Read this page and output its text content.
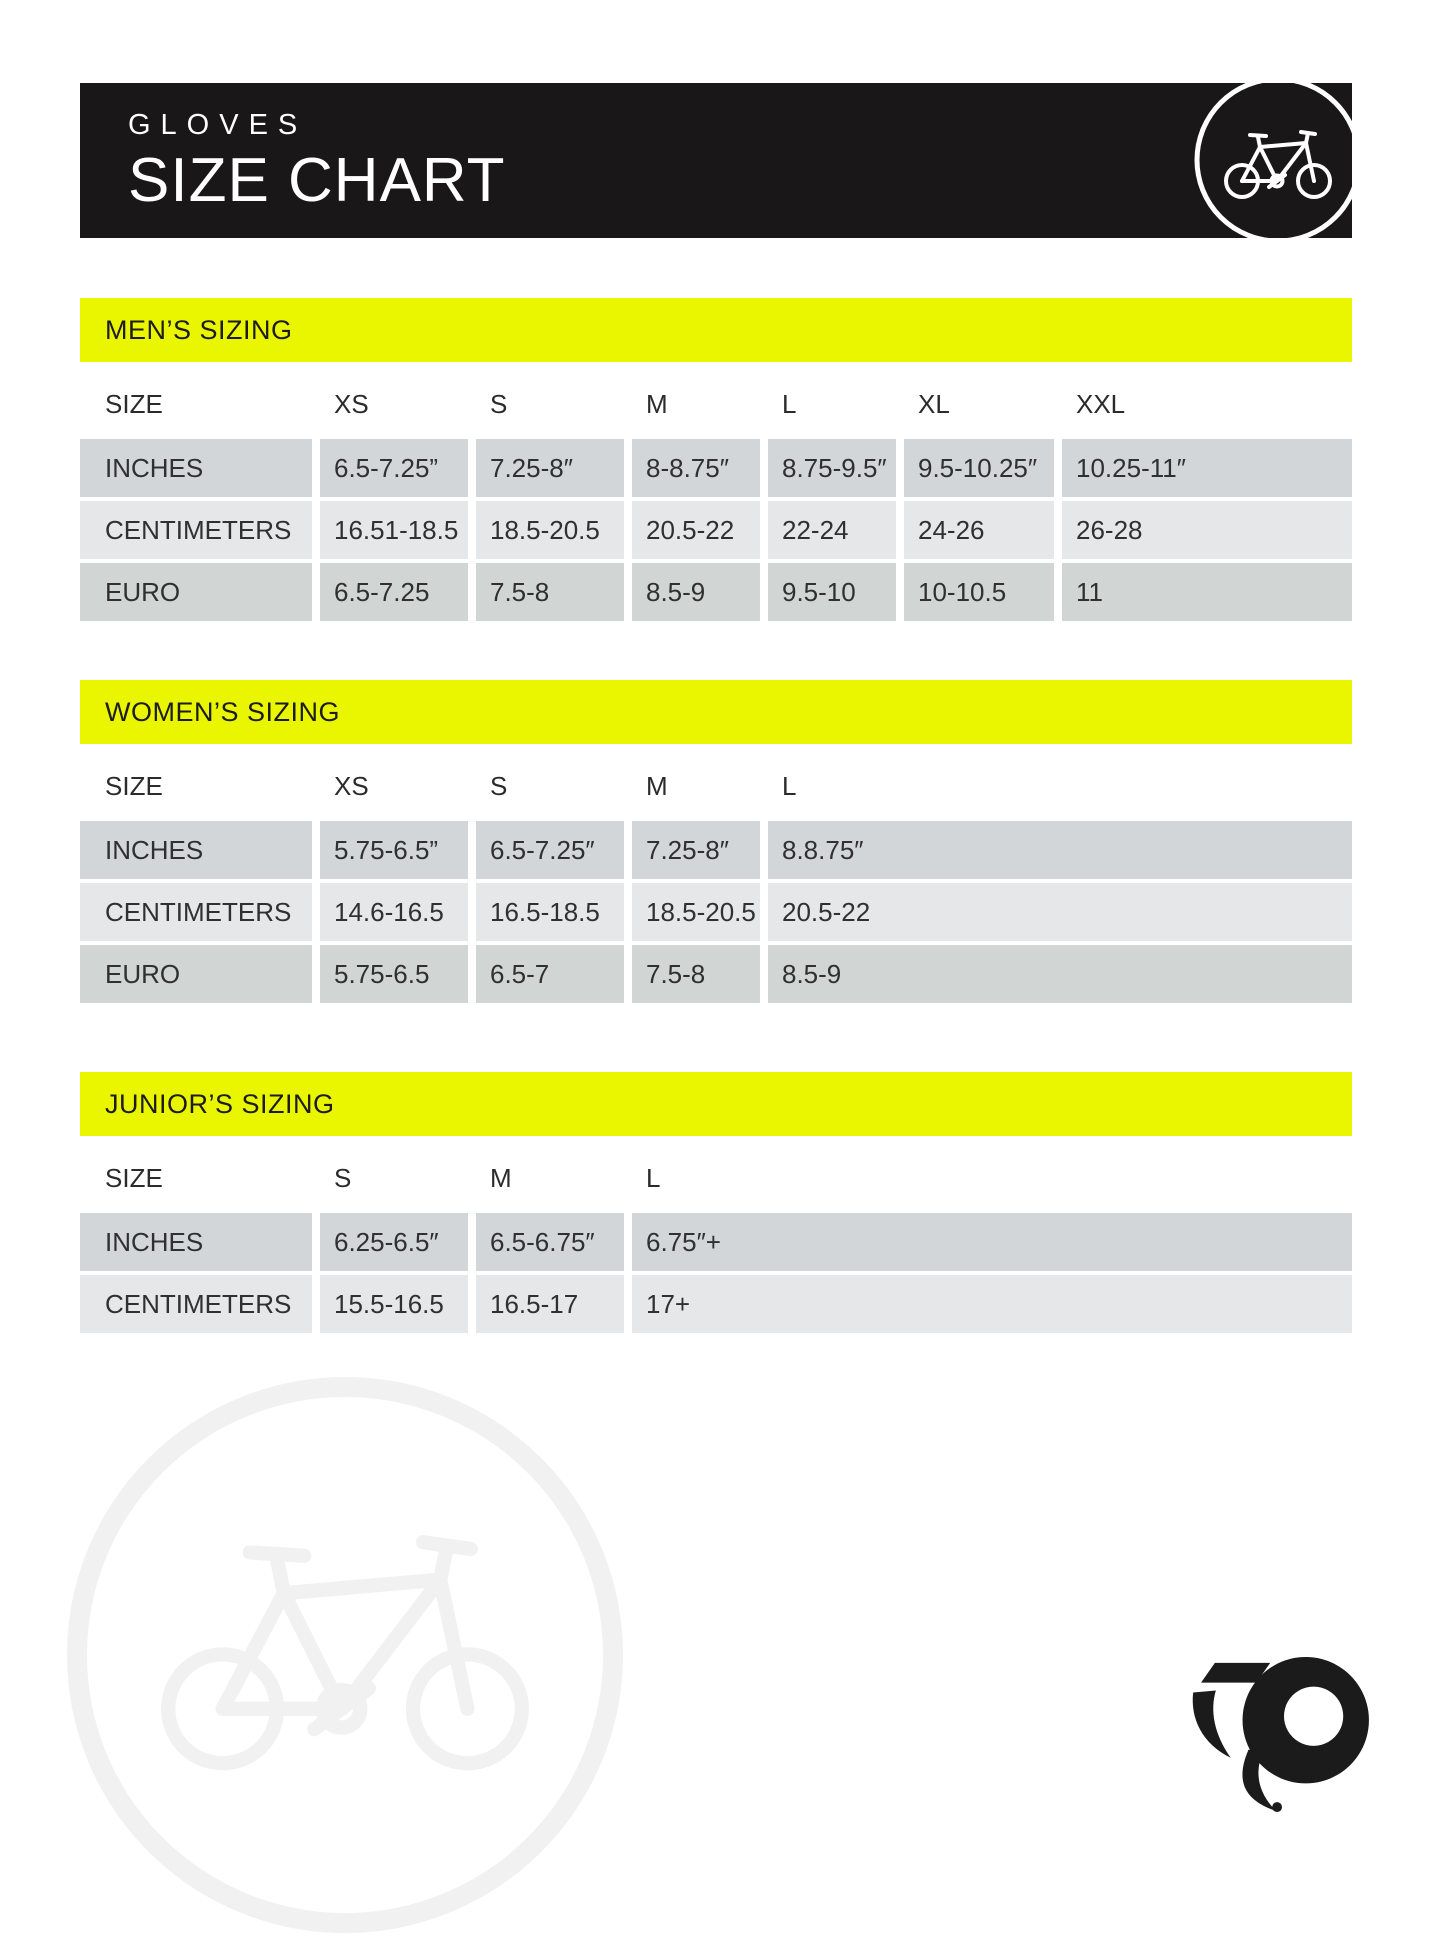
GLOVES
SIZE CHART
MEN’S SIZING
SIZE	XS	S	M	L	XL	XXL
INCHES	6.5-7.25”	7.25-8″	8-8.75″	8.75-9.5″	9.5-10.25″	10.25-11″
CENTIMETERS	16.51-18.5	18.5-20.5	20.5-22	22-24	24-26	26-28
EURO	6.5-7.25	7.5-8	8.5-9	9.5-10	10-10.5	11
WOMEN’S SIZING
SIZE	XS	S	M	L
INCHES	5.75-6.5”	6.5-7.25″	7.25-8″	8.8.75″
CENTIMETERS	14.6-16.5	16.5-18.5	18.5-20.5	20.5-22
EURO	5.75-6.5	6.5-7	7.5-8	8.5-9
JUNIOR’S SIZING
SIZE	S	M	L
INCHES	6.25-6.5″	6.5-6.75″	6.75″+
CENTIMETERS	15.5-16.5	16.5-17	17+
